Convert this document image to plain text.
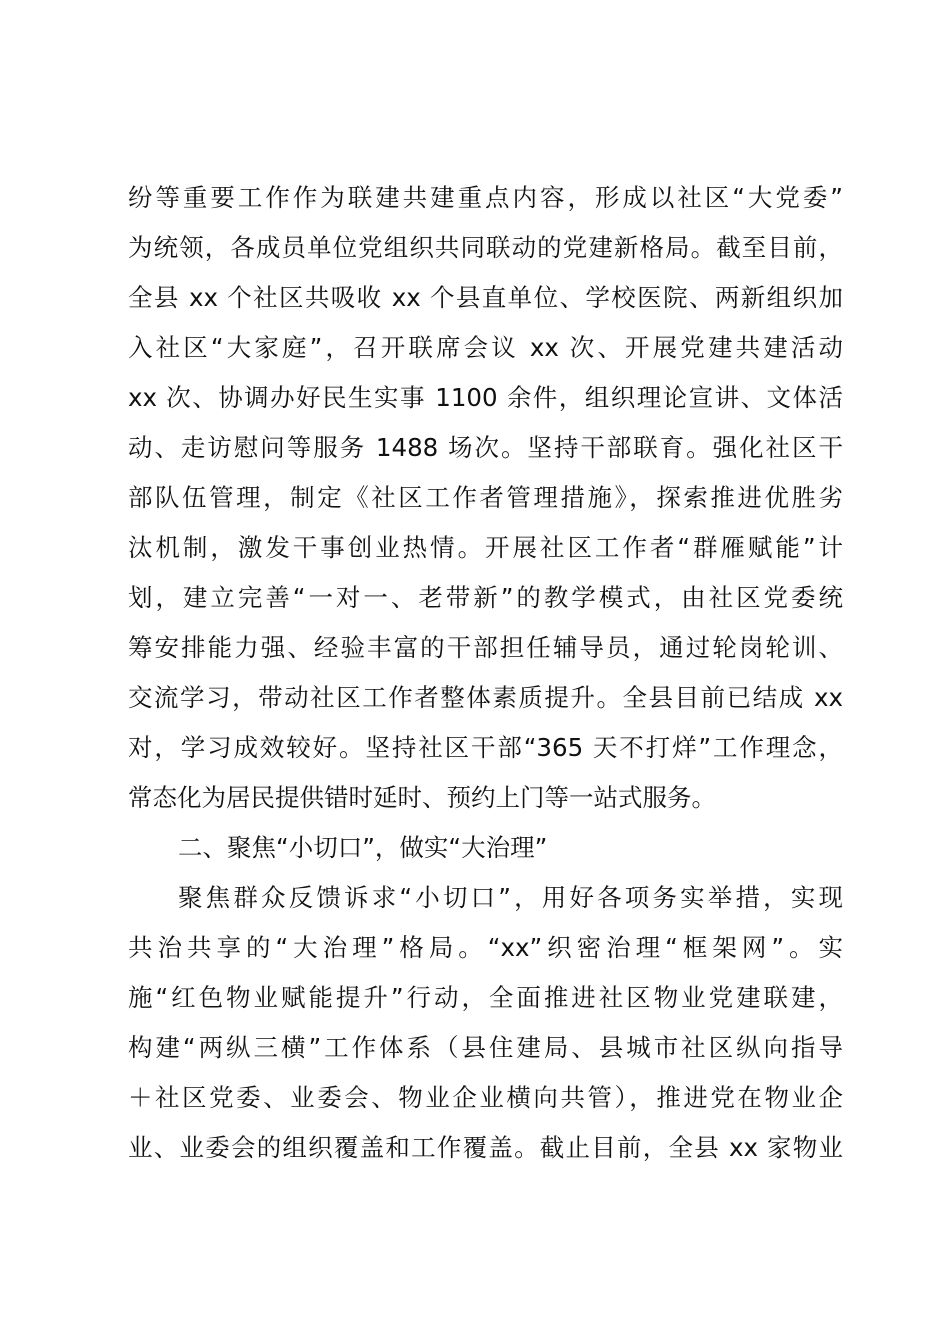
纷等重要工作作为联建共建重点内容，形成以社区“大党委”
为统领，各成员单位党组织共同联动的党建新格局。截至目前，
全县 xx 个社区共吸收 xx 个县直单位、学校医院、两新组织加
入社区“大家庭”，召开联席会议 xx 次、开展党建共建活动
xx 次、协调办好民生实事 1100 余件，组织理论宣讲、文体活
动、走访慰问等服务 1488 场次。坚持干部联育。强化社区干
部队伍管理，制定《社区工作者管理措施》，探索推进优胜劣
汰机制，激发干事创业热情。开展社区工作者“群雁赋能”计
划，建立完善“一对一、老带新”的教学模式，由社区党委统
筹安排能力强、经验丰富的干部担任辅导员，通过轮岗轮训、
交流学习，带动社区工作者整体素质提升。全县目前已结成 xx
对，学习成效较好。坚持社区干部“365 天不打烊”工作理念，
常态化为居民提供错时延时、预约上门等一站式服务。
二、聚焦“小切口”，做实“大治理”
聚焦群众反馈诉求“小切口”，用好各项务实举措，实现
共治共享的“大治理”格局。“xx”织密治理“框架网”。实
施“红色物业赋能提升”行动，全面推进社区物业党建联建，
构建“两纵三横”工作体系（县住建局、县城市社区纵向指导
＋社区党委、业委会、物业企业横向共管），推进党在物业企
业、业委会的组织覆盖和工作覆盖。截止目前，全县 xx 家物业
